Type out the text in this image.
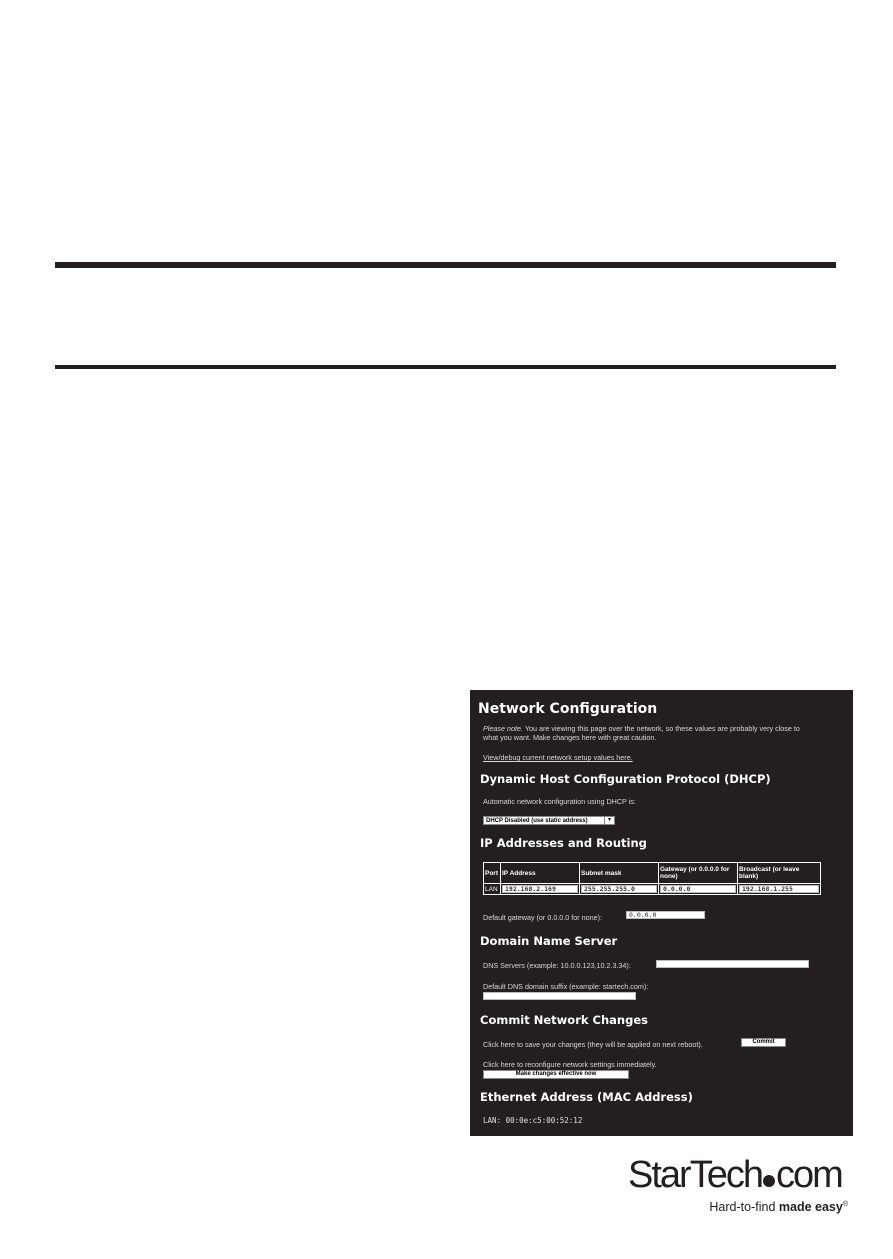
Network Configuration
Please note. You are viewing this page over the network, so these values are probably very close to what you want. Make changes here with great caution.
View/debug current network setup values here.
Dynamic Host Configuration Protocol (DHCP)
Automatic network configuration using DHCP is:
DHCP Disabled (use static address)	▼
IP Addresses and Routing
Port	IP Address	Subnet mask	Gateway (or 0.0.0.0 for none)	Broadcast (or leave blank)
LAN	192.168.2.169	255.255.255.0	0.0.0.0	192.168.1.255
Default gateway (or 0.0.0.0 for none):	0.0.0.0
Domain Name Server
DNS Servers (example: 10.0.0.123,10.2.3.34):
Default DNS domain suffix (example: startech.com):
Commit Network Changes
Click here to save your changes (they will be applied on next reboot).	Commit
Click here to reconfigure network settings immediately.
Make changes effective now
Ethernet Address (MAC Address)
LAN: 00:0e:c5:00:52:12
StarTech com
Hard-to-find made easy®
